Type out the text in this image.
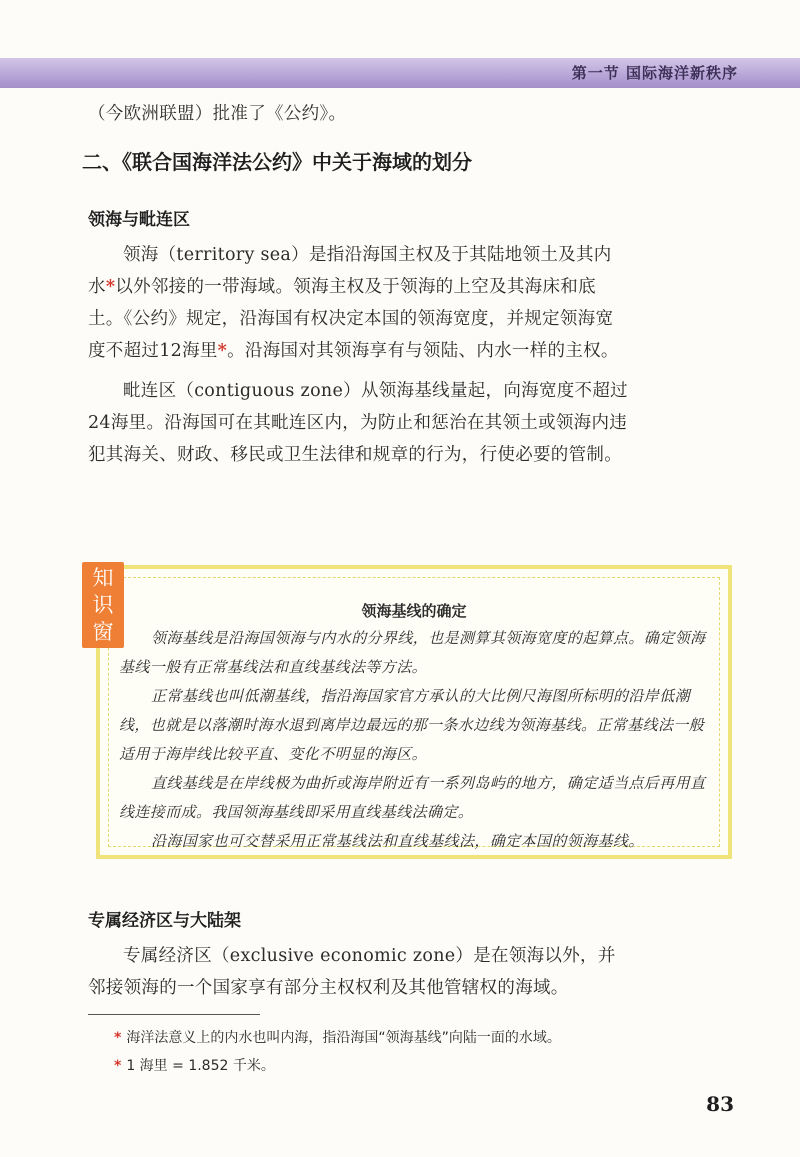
第一节 国际海洋新秩序

（今欧洲联盟）批准了《公约》。

二、《联合国海洋法公约》中关于海域的划分
领海与毗连区

领海（territory sea）是指沿海国主权及于其陆地领土及其内水*以外邻接的一带海域。领海主权及于领海的上空及其海床和底土。《公约》规定，沿海国有权决定本国的领海宽度，并规定领海宽度不超过12海里*。沿海国对其领海享有与领陆、内水一样的主权。

毗连区（contiguous zone）从领海基线量起，向海宽度不超过24海里。沿海国可在其毗连区内，为防止和惩治在其领土或领海内违犯其海关、财政、移民或卫生法律和规章的行为，行使必要的管制。

知
识
窗
领海基线的确定

领海基线是沿海国领海与内水的分界线，也是测算其领海宽度的起算点。确定领海基线一般有正常基线法和直线基线法等方法。

正常基线也叫低潮基线，指沿海国家官方承认的大比例尺海图所标明的沿岸低潮线，也就是以落潮时海水退到离岸边最远的那一条水边线为领海基线。正常基线法一般适用于海岸线比较平直、变化不明显的海区。

直线基线是在岸线极为曲折或海岸附近有一系列岛屿的地方，确定适当点后再用直线连接而成。我国领海基线即采用直线基线法确定。

沿海国家也可交替采用正常基线法和直线基线法，确定本国的领海基线。

专属经济区与大陆架

专属经济区（exclusive economic zone）是在领海以外，并邻接领海的一个国家享有部分主权权利及其他管辖权的海域。

* 海洋法意义上的内水也叫内海，指沿海国“领海基线”向陆一面的水域。
* 1 海里 = 1.852 千米。
83
